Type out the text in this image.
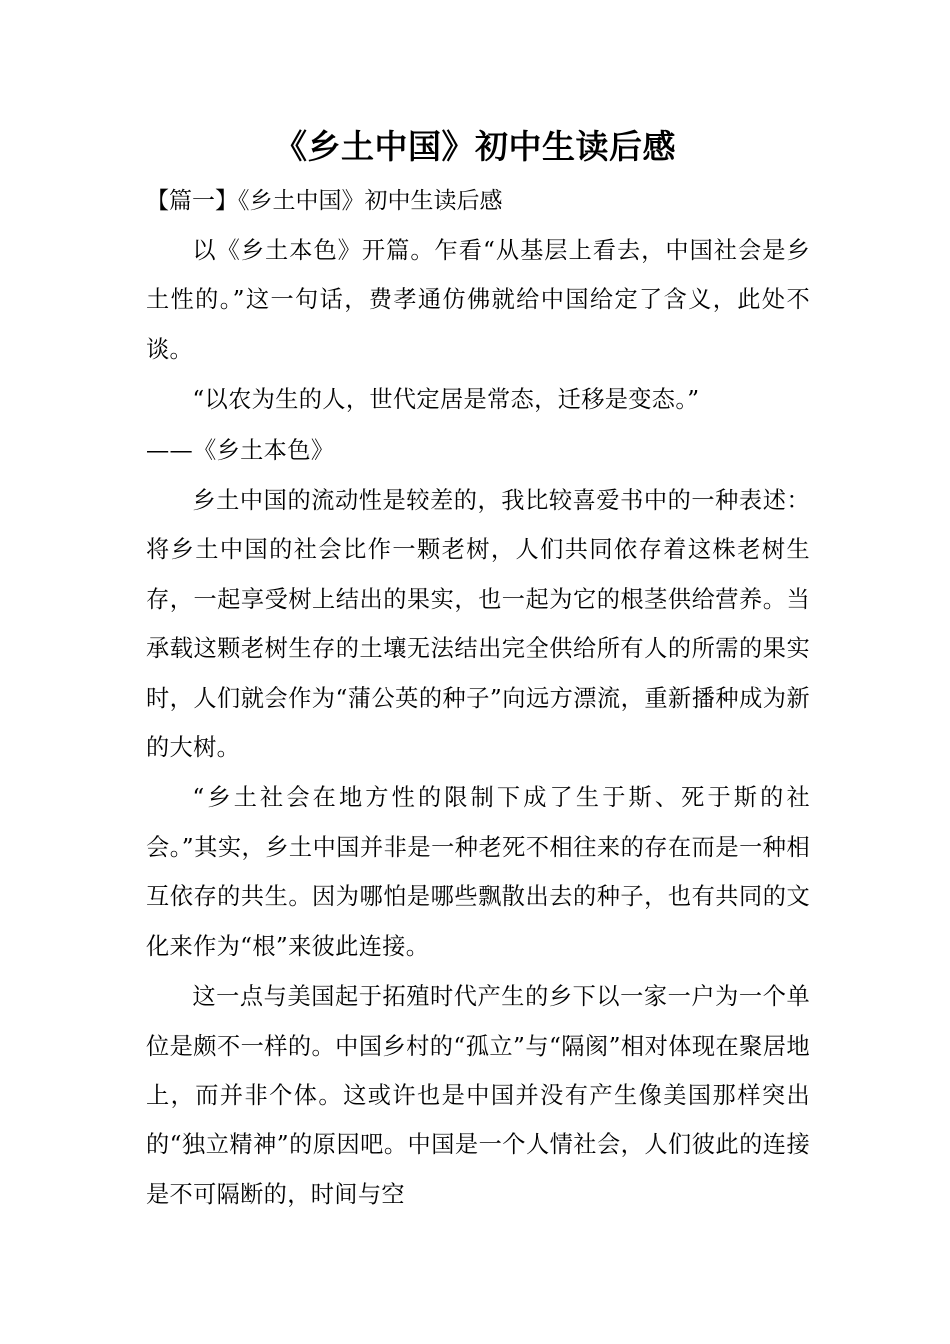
《乡土中国》初中生读后感

【篇一】《乡土中国》初中生读后感

以《乡土本色》开篇。乍看“从基层上看去，中国社会是乡土性的。”这一句话，费孝通仿佛就给中国给定了含义，此处不谈。

“以农为生的人，世代定居是常态，迁移是变态。”

——《乡土本色》

乡土中国的流动性是较差的，我比较喜爱书中的一种表述：将乡土中国的社会比作一颗老树，人们共同依存着这株老树生存，一起享受树上结出的果实，也一起为它的根茎供给营养。当承载这颗老树生存的土壤无法结出完全供给所有人的所需的果实时，人们就会作为“蒲公英的种子”向远方漂流，重新播种成为新的大树。

“乡土社会在地方性的限制下成了生于斯、死于斯的社会。”其实，乡土中国并非是一种老死不相往来的存在而是一种相互依存的共生。因为哪怕是哪些飘散出去的种子，也有共同的文化来作为“根”来彼此连接。

这一点与美国起于拓殖时代产生的乡下以一家一户为一个单位是颇不一样的。中国乡村的“孤立”与“隔阂”相对体现在聚居地上，而并非个体。这或许也是中国并没有产生像美国那样突出的“独立精神”的原因吧。中国是一个人情社会，人们彼此的连接是不可隔断的，时间与空
